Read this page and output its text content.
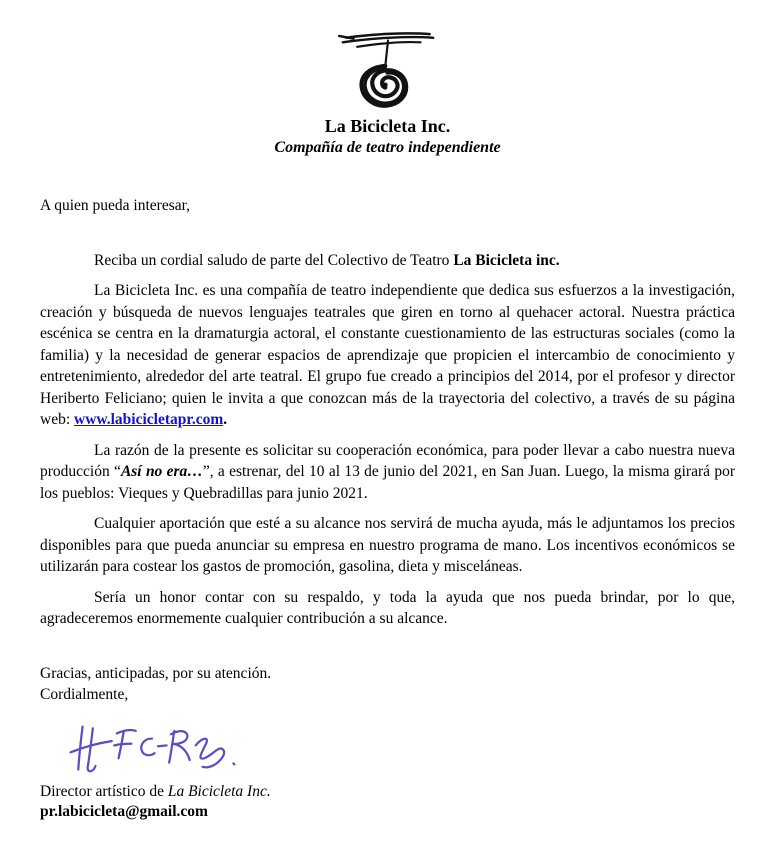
La Bicicleta Inc.
Compañía de teatro independiente

A quien pueda interesar,

Reciba un cordial saludo de parte del Colectivo de Teatro La Bicicleta inc.

La Bicicleta Inc. es una compañía de teatro independiente que dedica sus esfuerzos a la investigación, creación y búsqueda de nuevos lenguajes teatrales que giren en torno al quehacer actoral. Nuestra práctica escénica se centra en la dramaturgia actoral, el constante cuestionamiento de las estructuras sociales (como la familia) y la necesidad de generar espacios de aprendizaje que propicien el intercambio de conocimiento y entretenimiento, alrededor del arte teatral. El grupo fue creado a principios del 2014, por el profesor y director Heriberto Feliciano; quien le invita a que conozcan más de la trayectoria del colectivo, a través de su página web: www.labicicletapr.com.

La razón de la presente es solicitar su cooperación económica, para poder llevar a cabo nuestra nueva producción “Así no era…”, a estrenar, del 10 al 13 de junio del 2021, en San Juan. Luego, la misma girará por los pueblos: Vieques y Quebradillas para junio 2021.

Cualquier aportación que esté a su alcance nos servirá de mucha ayuda, más le adjuntamos los precios disponibles para que pueda anunciar su empresa en nuestro programa de mano. Los incentivos económicos se utilizarán para costear los gastos de promoción, gasolina, dieta y misceláneas.

Sería un honor contar con su respaldo, y toda la ayuda que nos pueda brindar, por lo que, agradeceremos enormemente cualquier contribución a su alcance.

Gracias, anticipadas, por su atención.

Cordialmente,

Director artístico de La Bicicleta Inc.

pr.labicicleta@gmail.com
